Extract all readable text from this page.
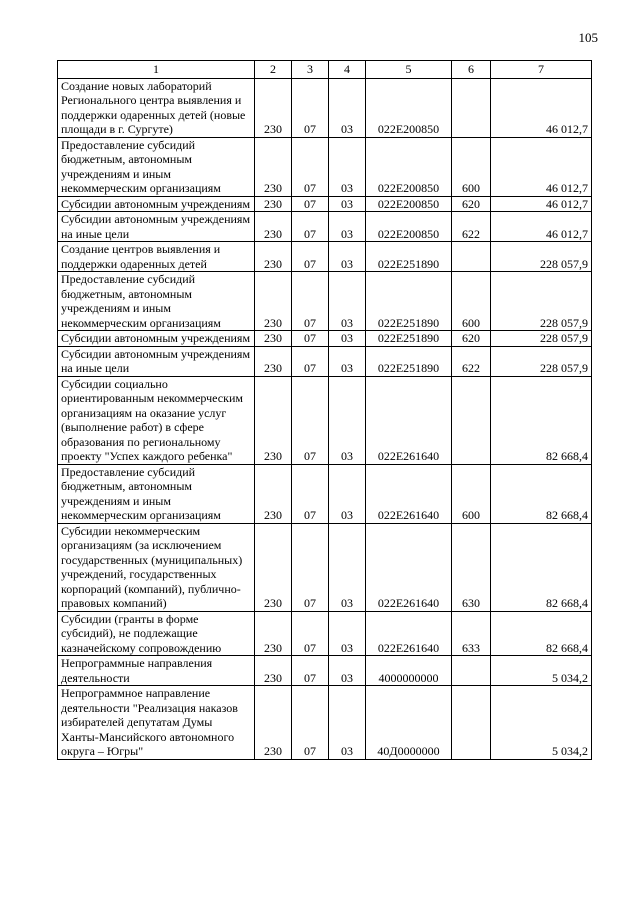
105
1	2	3	4	5	6	7
Создание новых лабораторий Регионального центра выявления и поддержки одаренных детей (новые площади в г. Сургуте)	230	07	03	022Е200850		46 012,7
Предоставление субсидий бюджетным, автономным учреждениям и иным некоммерческим организациям	230	07	03	022Е200850	600	46 012,7
Субсидии автономным учреждениям	230	07	03	022Е200850	620	46 012,7
Субсидии автономным учреждениям на иные цели	230	07	03	022Е200850	622	46 012,7
Создание центров выявления и поддержки одаренных детей	230	07	03	022Е251890		228 057,9
Предоставление субсидий бюджетным, автономным учреждениям и иным некоммерческим организациям	230	07	03	022Е251890	600	228 057,9
Субсидии автономным учреждениям	230	07	03	022Е251890	620	228 057,9
Субсидии автономным учреждениям на иные цели	230	07	03	022Е251890	622	228 057,9
Субсидии социально ориентированным некоммерческим организациям на оказание услуг (выполнение работ) в сфере образования по региональному проекту "Успех каждого ребенка"	230	07	03	022Е261640		82 668,4
Предоставление субсидий бюджетным, автономным учреждениям и иным некоммерческим организациям	230	07	03	022Е261640	600	82 668,4
Субсидии некоммерческим организациям (за исключением государственных (муниципальных) учреждений, государственных корпораций (компаний), публично-правовых компаний)	230	07	03	022Е261640	630	82 668,4
Субсидии (гранты в форме субсидий), не подлежащие казначейскому сопровождению	230	07	03	022Е261640	633	82 668,4
Непрограммные направления деятельности	230	07	03	4000000000		5 034,2
Непрограммное направление деятельности "Реализация наказов избирателей депутатам Думы Ханты-Мансийского автономного округа – Югры"	230	07	03	40Д0000000		5 034,2
